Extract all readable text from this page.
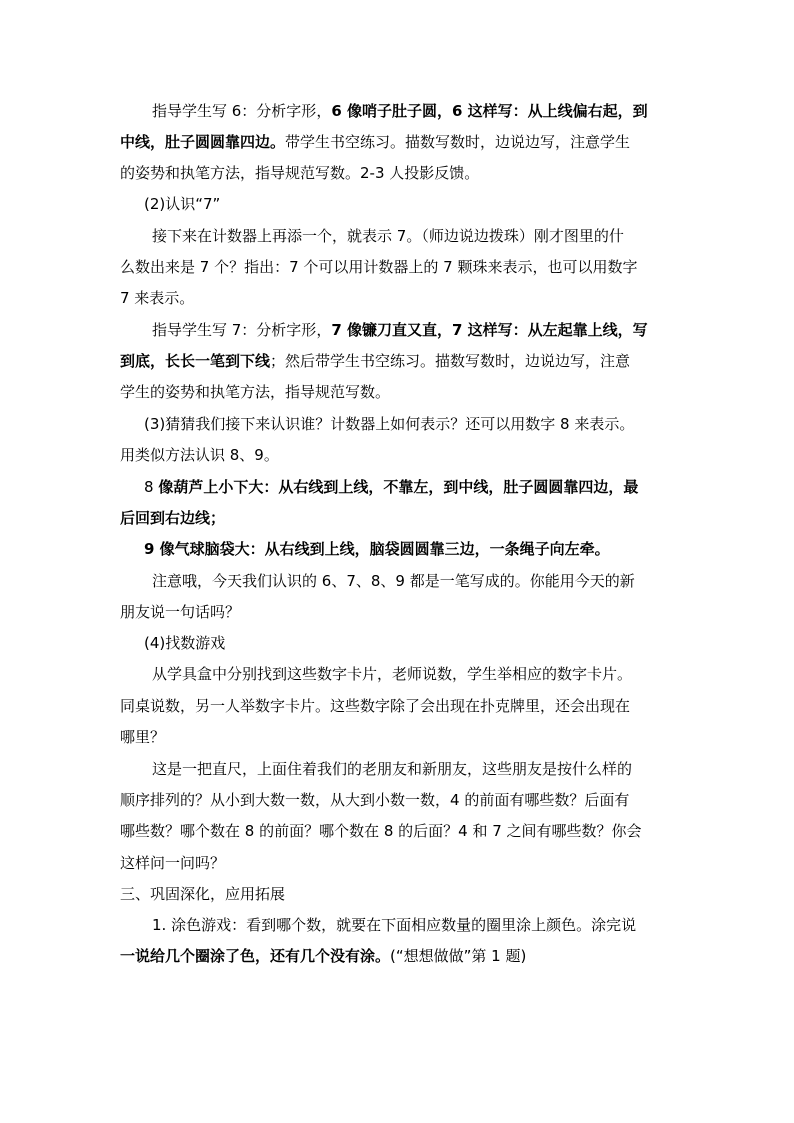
指导学生写 6：分析字形，6 像哨子肚子圆，6 这样写：从上线偏右起，到
中线，肚子圆圆靠四边。带学生书空练习。描数写数时，边说边写，注意学生
的姿势和执笔方法，指导规范写数。2-3 人投影反馈。
(2)认识“7”
接下来在计数器上再添一个，就表示 7。（师边说边拨珠）刚才图里的什
么数出来是 7 个？指出：7 个可以用计数器上的 7 颗珠来表示，也可以用数字
7 来表示。
指导学生写 7：分析字形，7 像镰刀直又直，7 这样写：从左起靠上线，写
到底，长长一笔到下线；然后带学生书空练习。描数写数时，边说边写，注意
学生的姿势和执笔方法，指导规范写数。
(3)猜猜我们接下来认识谁？计数器上如何表示？还可以用数字 8 来表示。
用类似方法认识 8、9。
8 像葫芦上小下大：从右线到上线，不靠左，到中线，肚子圆圆靠四边，最
后回到右边线；
9 像气球脑袋大：从右线到上线，脑袋圆圆靠三边，一条绳子向左牵。
注意哦，今天我们认识的 6、7、8、9 都是一笔写成的。你能用今天的新
朋友说一句话吗？
(4)找数游戏
从学具盒中分别找到这些数字卡片，老师说数，学生举相应的数字卡片。
同桌说数，另一人举数字卡片。这些数字除了会出现在扑克牌里，还会出现在
哪里？
这是一把直尺，上面住着我们的老朋友和新朋友，这些朋友是按什么样的
顺序排列的？从小到大数一数，从大到小数一数，4 的前面有哪些数？后面有
哪些数？哪个数在 8 的前面？哪个数在 8 的后面？4 和 7 之间有哪些数？你会
这样问一问吗？
三、巩固深化，应用拓展
1. 涂色游戏：看到哪个数，就要在下面相应数量的圈里涂上颜色。涂完说
一说给几个圈涂了色，还有几个没有涂。(“想想做做”第 1 题)
